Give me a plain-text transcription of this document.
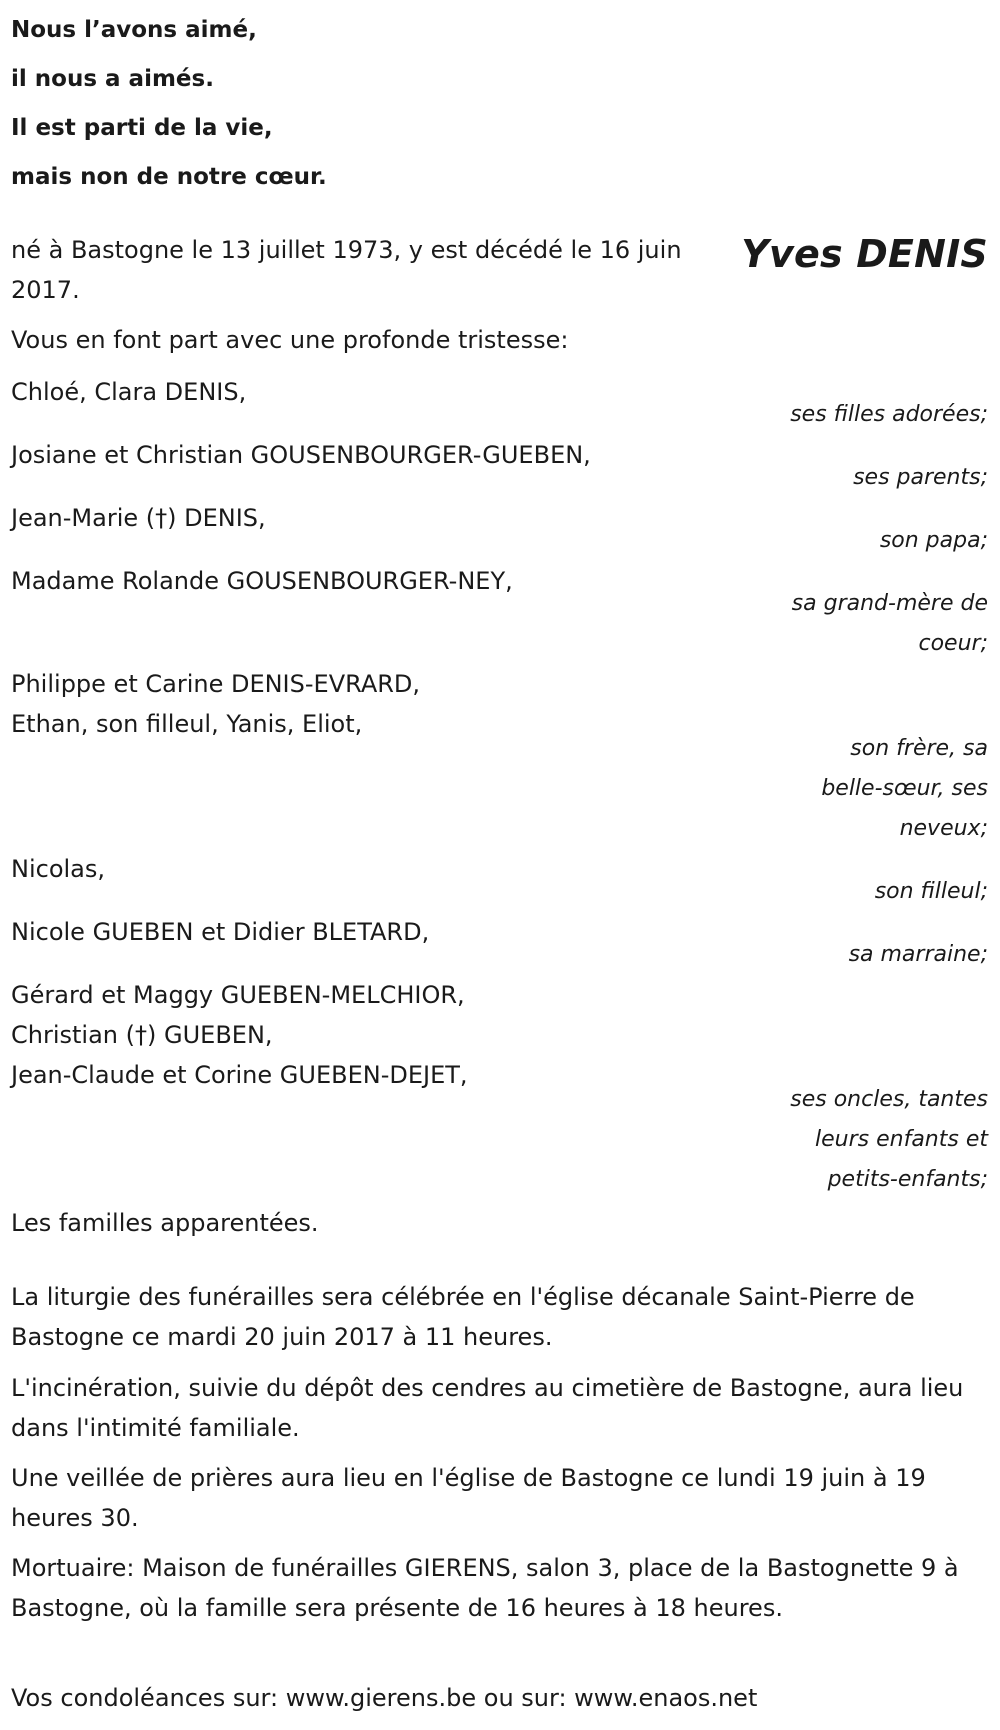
Nous l’avons aimé,
il nous a aimés.
Il est parti de la vie,
mais non de notre cœur.
Yves DENIS
né à Bastogne le 13 juillet 1973, y est décédé le 16 juin 2017.
Vous en font part avec une profonde tristesse:
Chloé, Clara DENIS,
ses filles adorées;
Josiane et Christian GOUSENBOURGER-GUEBEN,
ses parents;
Jean-Marie (†) DENIS,
son papa;
Madame Rolande GOUSENBOURGER-NEY,
sa grand-mère de
coeur;
Philippe et Carine DENIS-EVRARD,
Ethan, son filleul, Yanis, Eliot,
son frère, sa
belle-sœur, ses
neveux;
Nicolas,
son filleul;
Nicole GUEBEN et Didier BLETARD,
sa marraine;
Gérard et Maggy GUEBEN-MELCHIOR,
Christian (†) GUEBEN,
Jean-Claude et Corine GUEBEN-DEJET,
ses oncles, tantes
leurs enfants et
petits-enfants;
Les familles apparentées.
La liturgie des funérailles sera célébrée en l'église décanale Saint-Pierre de Bastogne ce mardi 20 juin 2017 à 11 heures.
L'incinération, suivie du dépôt des cendres au cimetière de Bastogne, aura lieu dans l'intimité familiale.
Une veillée de prières aura lieu en l'église de Bastogne ce lundi 19 juin à 19 heures 30.
Mortuaire: Maison de funérailles GIERENS, salon 3, place de la Bastognette 9 à Bastogne, où la famille sera présente de 16 heures à 18 heures.
Vos condoléances sur: www.gierens.be ou sur: www.enaos.net
